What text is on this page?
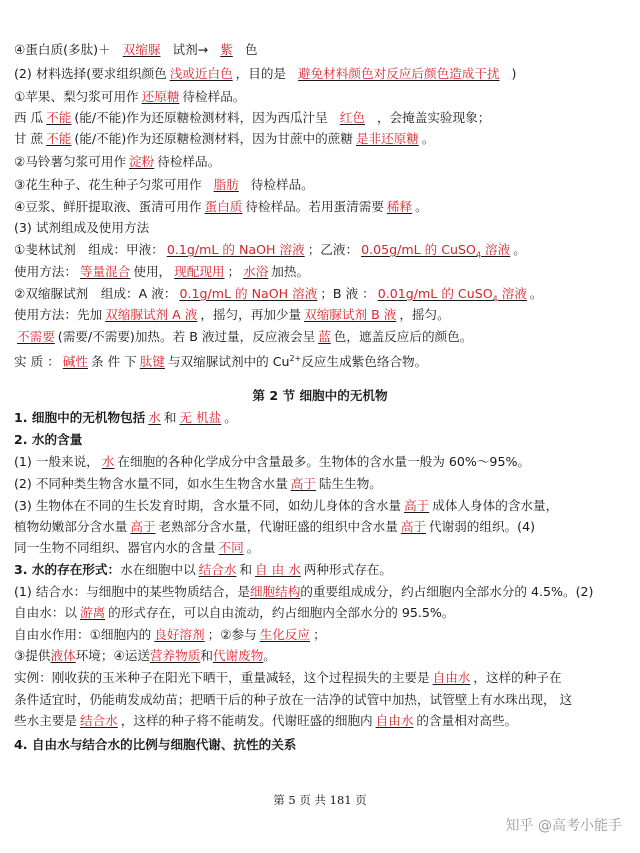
④蛋白质(多肽)＋ 双缩脲 试剂→ 紫 色
(2) 材料选择(要求组织颜色 浅或近白色 ，目的是 避免材料颜色对反应后颜色造成干扰 )
①苹果、梨匀浆可用作 还原糖 待检样品。
西 瓜 不能 (能/不能)作为还原糖检测材料，因为西瓜汁呈 红色 ，会掩盖实验现象；
甘 蔗 不能 (能/不能)作为还原糖检测材料，因为甘蔗中的蔗糖 是非还原糖 。
②马铃薯匀浆可用作 淀粉 待检样品。
③花生种子、花生种子匀浆可用作 脂肪 待检样品。
④豆浆、鲜肝提取液、蛋清可用作 蛋白质 待检样品。若用蛋清需要 稀释 。
(3) 试剂组成及使用方法
①斐林试剂　组成：甲液： 0.1g/mL 的 NaOH 溶液 ；乙液： 0.05g/mL 的 CuSO$_4$ 溶液 。
使用方法： 等量混合 使用， 现配现用 ； 水浴 加热。
②双缩脲试剂　组成：A 液： 0.1g/mL 的 NaOH 溶液 ；B 液 ： 0.01g/mL 的 CuSO$_4$ 溶液 。
使用方法：先加 双缩脲试剂 A 液 ，摇匀，再加少量 双缩脲试剂 B 液 ，摇匀。
不需要 (需要/不需要)加热。若 B 液过量，反应液会呈 蓝 色，遮盖反应后的颜色。
实 质 ： 碱性 条 件 下 肽键 与双缩脲试剂中的 $Cu^{2+}$反应生成紫色络合物。
第 2 节 细胞中的无机物
1. 细胞中的无机物包括 水 和 无 机盐 。
2. 水的含量
(1) 一般来说， 水 在细胞的各种化学成分中含量最多。生物体的含水量一般为 60%～95%。
(2) 不同种类生物含水量不同，如水生生物含水量 高于 陆生生物。
(3) 生物体在不同的生长发育时期，含水量不同，如幼儿身体的含水量 高于 成体人身体的含水量，
植物幼嫩部分含水量 高于 老熟部分含水量，代谢旺盛的组织中含水量 高于 代谢弱的组织。(4)
同一生物不同组织、器官内水的含量 不同 。
3. 水的存在形式：水在细胞中以 结合水 和 自 由 水 两种形式存在。
(1) 结合水：与细胞中的某些物质结合，是细胞结构的重要组成成分，约占细胞内全部水分的 4.5%。(2)
自由水：以 游离 的形式存在，可以自由流动，约占细胞内全部水分的 95.5%。
自由水作用：①细胞内的 良好溶剂 ；②参与 生化反应 ；
③提供液体环境；④运送营养物质和代谢废物。
实例：刚收获的玉米种子在阳光下晒干，重量减轻，这个过程损失的主要是 自由水 ，这样的种子在
条件适宜时，仍能萌发成幼苗；把晒干后的种子放在一洁净的试管中加热，试管壁上有水珠出现， 这
些水主要是 结合水 ，这样的种子将不能萌发。代谢旺盛的细胞内 自由水 的含量相对高些。
4. 自由水与结合水的比例与细胞代谢、抗性的关系
第 5 页 共 181 页
知乎 @高考小能手
